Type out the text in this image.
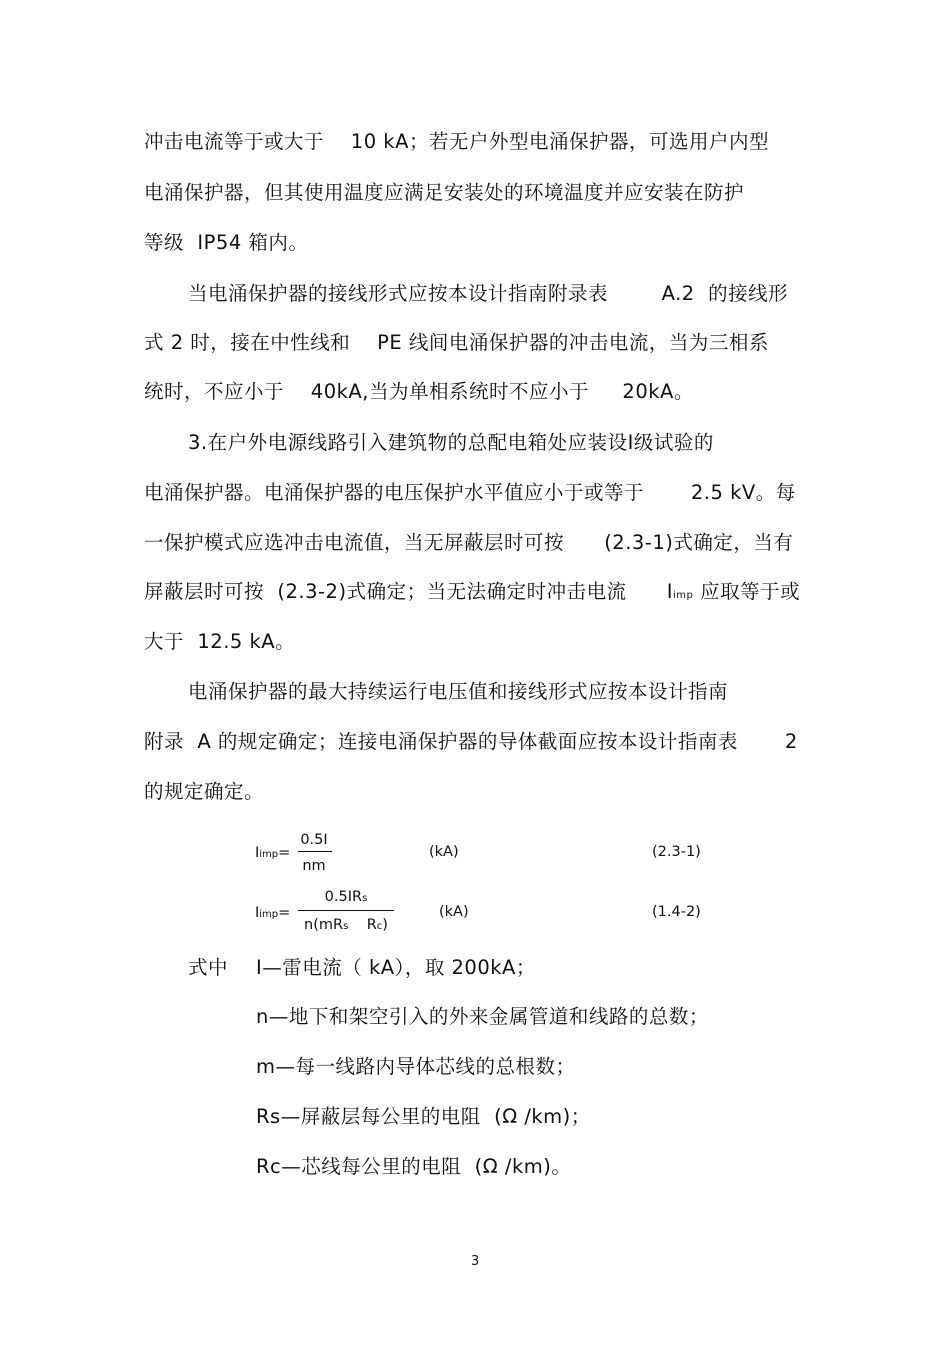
冲击电流等于或大于    10 kA；若无户外型电涌保护器，可选用户内型
电涌保护器，但其使用温度应满足安装处的环境温度并应安装在防护
等级  IP54 箱内。
当电涌保护器的接线形式应按本设计指南附录表        A.2  的接线形
式 2 时，接在中性线和    PE 线间电涌保护器的冲击电流，当为三相系
统时，不应小于    40kA,当为单相系统时不应小于     20kA。
3.在户外电源线路引入建筑物的总配电箱处应装设Ⅰ级试验的
电涌保护器。电涌保护器的电压保护水平值应小于或等于       2.5 kV。每
一保护模式应选冲击电流值，当无屏蔽层时可按      (2.3-1)式确定，当有
屏蔽层时可按  (2.3-2)式确定；当无法确定时冲击电流      Iimp 应取等于或
大于  12.5 kA。
电涌保护器的最大持续运行电压值和接线形式应按本设计指南
附录  A 的规定确定；连接电涌保护器的导体截面应按本设计指南表       2
的规定确定。
Iimp=
0.5I
nm
(kA)	(2.3-1)
Iimp=
0.5IRs
n(mRs    Rc)
(kA)	(1.4-2)
式中 I—雷电流（ kA），取 200kA；
n—地下和架空引入的外来金属管道和线路的总数；
m—每一线路内导体芯线的总根数；
Rs—屏蔽层每公里的电阻  (Ω /km)；
Rc—芯线每公里的电阻  (Ω /km)。
3
